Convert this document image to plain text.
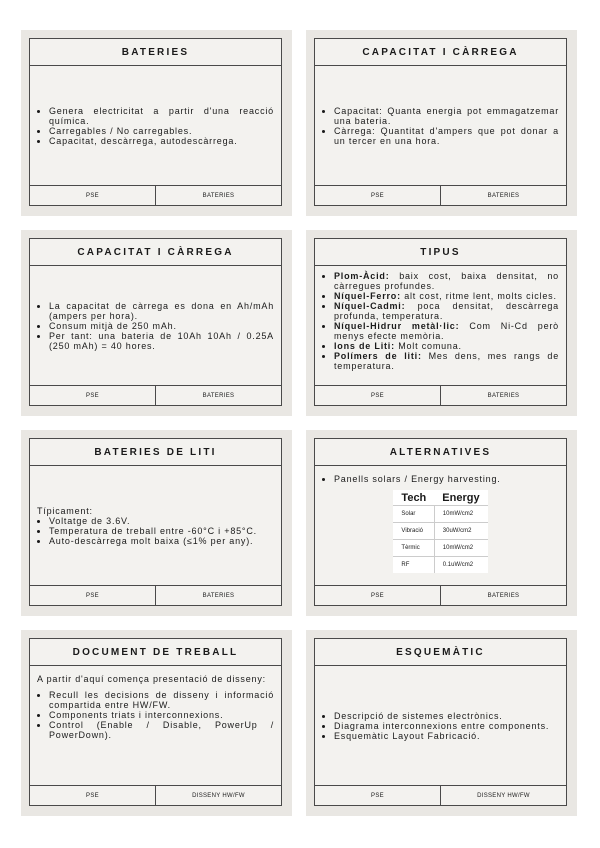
BATERIES
• Genera electricitat a partir d'una reacció química.
• Carregables / No carregables.
• Capacitat, descàrrega, autodescàrrega.
PSE	BATERIES
CAPACITAT I CÀRREGA
• Capacitat: Quanta energia pot emmagatzemar una bateria.
• Càrrega: Quantitat d'ampers que pot donar a un tercer en una hora.
PSE	BATERIES
CAPACITAT I CÀRREGA
• La capacitat de càrrega es dona en Ah/mAh (ampers per hora).
• Consum mitjà de 250 mAh.
• Per tant: una bateria de 10Ah 10Ah / 0.25A (250 mAh) = 40 hores.
PSE	BATERIES
TIPUS
• Plom-Àcid: baix cost, baixa densitat, no càrregues profundes.
• Níquel-Ferro: alt cost, ritme lent, molts cicles.
• Níquel-Cadmi: poca densitat, descàrrega profunda, temperatura.
• Níquel-Hidrur metàl·lic: Com Ni-Cd però menys efecte memòria.
• Ions de Liti: Molt comuna.
• Polímers de liti: Mes dens, mes rangs de temperatura.
PSE	BATERIES
BATERIES DE LITI
Típicament:
• Voltatge de 3.6V.
• Temperatura de treball entre -60°C i +85°C.
• Auto-descàrrega molt baixa (≤1% per any).
PSE	BATERIES
ALTERNATIVES
• Panells solars / Energy harvesting.
Tech	Energy
Solar	10mW/cm2
Vibració	30uW/cm2
Tèrmic	10mW/cm2
RF	0.1uW/cm2
PSE	BATERIES
DOCUMENT DE TREBALL
A partir d'aquí comença presentació de disseny:
• Recull les decisions de disseny i informació compartida entre HW/FW.
• Components triats i interconnexions.
• Control (Enable / Disable, PowerUp / PowerDown).
PSE	DISSENY HW/FW
ESQUEMÀTIC
• Descripció de sistemes electrònics.
• Diagrama interconnexions entre components.
• Esquemàtic Layout Fabricació.
PSE	DISSENY HW/FW
